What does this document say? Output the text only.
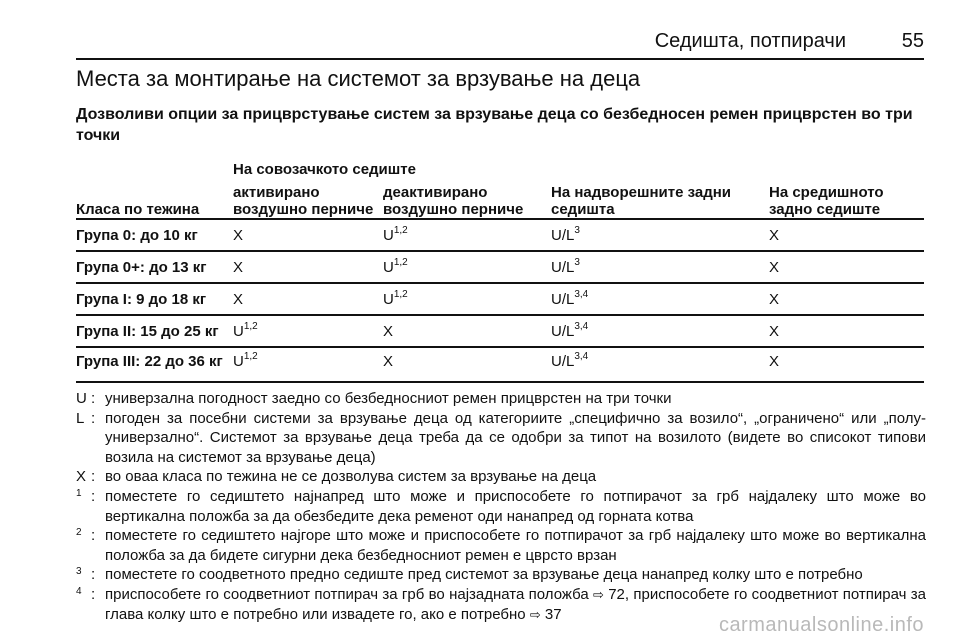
Седишта, потпирачи	55
Места за монтирање на системот за врзување на деца
Дозволиви опции за прицврстување систем за врзување деца со безбедносен ремен прицврстен во три точки
	На совозачкото седиште			
Класа по тежина	активирано воздушно перниче	деактивирано воздушно перниче	На надворешните задни седишта	На средишното задно седиште
Група 0: до 10 кг	X	U$^{1,2}$	$U/L^3$	X
Група 0+: до 13 кг	X	U$^{1,2}$	$U/L^3$	X
Група I: 9 до 18 кг	X	U$^{1,2}$	$U/L^{3,4}$	X
Група II: 15 до 25 кг	U$^{1,2}$	X	$U/L^{3,4}$	X
Група III: 22 до 36 кг	U$^{1,2}$	X	$U/L^{3,4}$	X
U : универзална погодност заедно со безбедносниот ремен прицврстен на три точки
L : погоден за посебни системи за врзување деца од категориите „специфично за возило“, „ограничено“ или „полу-универзално“. Системот за врзување деца треба да се одобри за типот на возилото (видете во списокот типови возила на системот за врзување деца)
X : во оваа класа по тежина не се дозволува систем за врзување на деца
1 : поместете го седиштето најнапред што може и приспособете го потпирачот за грб најдалеку што може во вертикална положба за да обезбедите дека ременот оди нанапред од горната котва
2 : поместете го седиштето најгоре што може и приспособете го потпирачот за грб најдалеку што може во вертикална положба за да бидете сигурни дека безбедносниот ремен е цврсто врзан
3 : поместете го соодветното предно седиште пред системот за врзување деца нанапред колку што е потребно
4 : приспособете го соодветниот потпирач за грб во најзадната положба ⇨ 72, приспособете го соодветниот потпирач за глава колку што е потребно или извадете го, ако е потребно ⇨ 37	carmanualsonline.info
